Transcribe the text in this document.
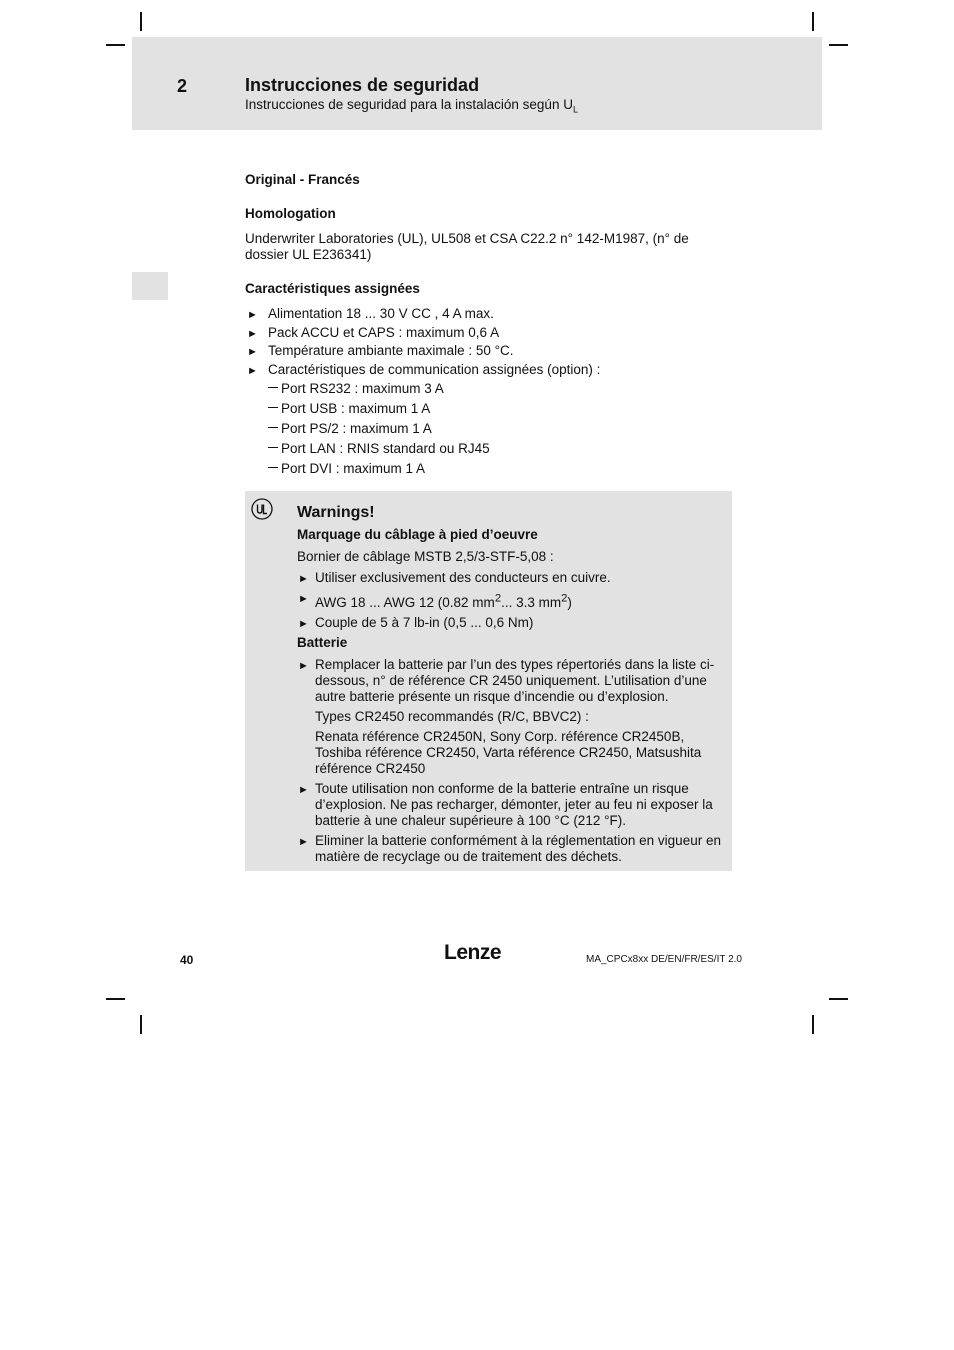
2	Instrucciones de seguridad
Instrucciones de seguridad para la instalación según $U_L$

Original - Francés

Homologation

Underwriter Laboratories (UL), UL508 et CSA C22.2 n° 142-M1987, (n° de dossier UL E236341)

Caractéristiques assignées

► Alimentation 18 ... 30 V CC , 4 A max.
► Pack ACCU et CAPS : maximum 0,6 A
► Température ambiante maximale : 50 °C.
► Caractéristiques de communication assignées (option) :
Port RS232 : maximum 3 A
Port USB : maximum 1 A
Port PS/2 : maximum 1 A
Port LAN : RNIS standard ou RJ45
Port DVI : maximum 1 A
Warnings!

Marquage du câblage à pied d’oeuvre

Bornier de câblage MSTB 2,5/3-STF-5,08 :

► Utiliser exclusivement des conducteurs en cuivre.
► AWG 18 ... AWG 12 (0.82 $mm^2$... 3.3 $mm^2$)
► Couple de 5 à 7 lb-in (0,5 ... 0,6 Nm)

Batterie

► Remplacer la batterie par l’un des types répertoriés dans la liste ci-dessous, n° de référence CR 2450 uniquement. L’utilisation d’une autre batterie présente un risque d’incendie ou d’explosion.
Types CR2450 recommandés (R/C, BBVC2) :
Renata référence CR2450N, Sony Corp. référence CR2450B, Toshiba référence CR2450, Varta référence CR2450, Matsushita référence CR2450
► Toute utilisation non conforme de la batterie entraîne un risque d’explosion. Ne pas recharger, démonter, jeter au feu ni exposer la batterie à une chaleur supérieure à 100 °C (212 °F).
► Eliminer la batterie conformément à la réglementation en vigueur en matière de recyclage ou de traitement des déchets.
40	Lenze	MA_CPCx8xx DE/EN/FR/ES/IT 2.0
